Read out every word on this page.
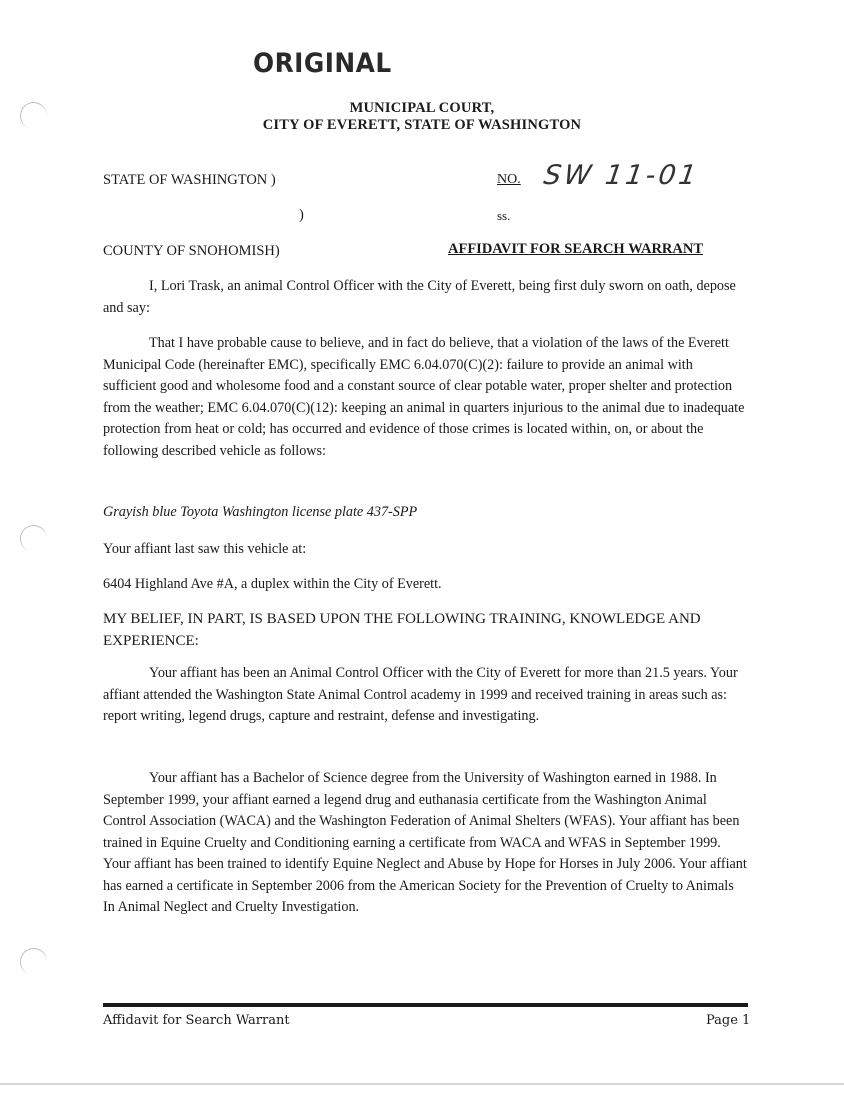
ORIGINAL
MUNICIPAL COURT,
CITY OF EVERETT, STATE OF WASHINGTON
STATE OF WASHINGTON )
)
COUNTY OF SNOHOMISH)
NO. SW 11-01
ss.
AFFIDAVIT FOR SEARCH WARRANT

I, Lori Trask, an animal Control Officer with the City of Everett, being first duly sworn on oath, depose and say:

That I have probable cause to believe, and in fact do believe, that a violation of the laws of the Everett Municipal Code (hereinafter EMC), specifically EMC 6.04.070(C)(2): failure to provide an animal with sufficient good and wholesome food and a constant source of clear potable water, proper shelter and protection from the weather; EMC 6.04.070(C)(12): keeping an animal in quarters injurious to the animal due to inadequate protection from heat or cold; has occurred and evidence of those crimes is located within, on, or about the following described vehicle as follows:

Grayish blue Toyota Washington license plate 437-SPP

Your affiant last saw this vehicle at:

6404 Highland Ave #A, a duplex within the City of Everett.

MY BELIEF, IN PART, IS BASED UPON THE FOLLOWING TRAINING, KNOWLEDGE AND EXPERIENCE:

Your affiant has been an Animal Control Officer with the City of Everett for more than 21.5 years. Your affiant attended the Washington State Animal Control academy in 1999 and received training in areas such as: report writing, legend drugs, capture and restraint, defense and investigating.

Your affiant has a Bachelor of Science degree from the University of Washington earned in 1988. In September 1999, your affiant earned a legend drug and euthanasia certificate from the Washington Animal Control Association (WACA) and the Washington Federation of Animal Shelters (WFAS). Your affiant has been trained in Equine Cruelty and Conditioning earning a certificate from WACA and WFAS in September 1999. Your affiant has been trained to identify Equine Neglect and Abuse by Hope for Horses in July 2006. Your affiant has earned a certificate in September 2006 from the American Society for the Prevention of Cruelty to Animals In Animal Neglect and Cruelty Investigation.

Affidavit for Search Warrant	Page 1
